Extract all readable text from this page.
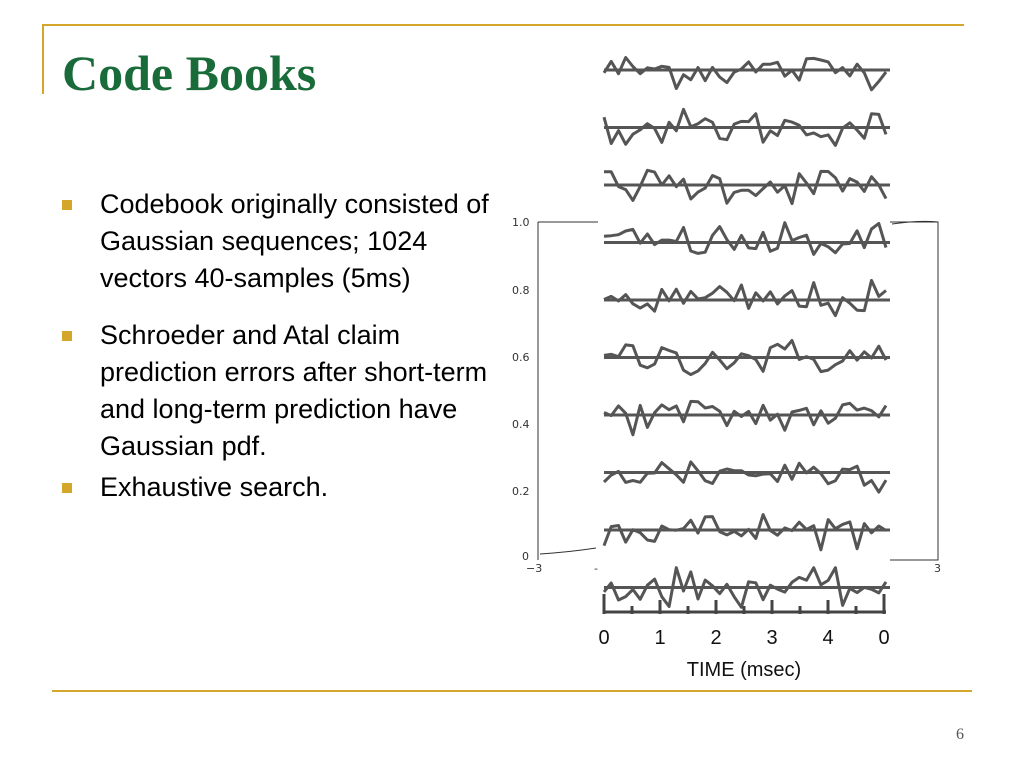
Code Books
Codebook originally consisted of Gaussian sequences; 1024 vectors 40-samples (5ms)
Schroeder and Atal claim prediction errors after short-term and long-term prediction have Gaussian pdf.
Exhaustive search.
1.0
0.8
0.6
0.4
0.2
0
−3	-	3
0 1 2 3 4 0
TIME (msec)
6
